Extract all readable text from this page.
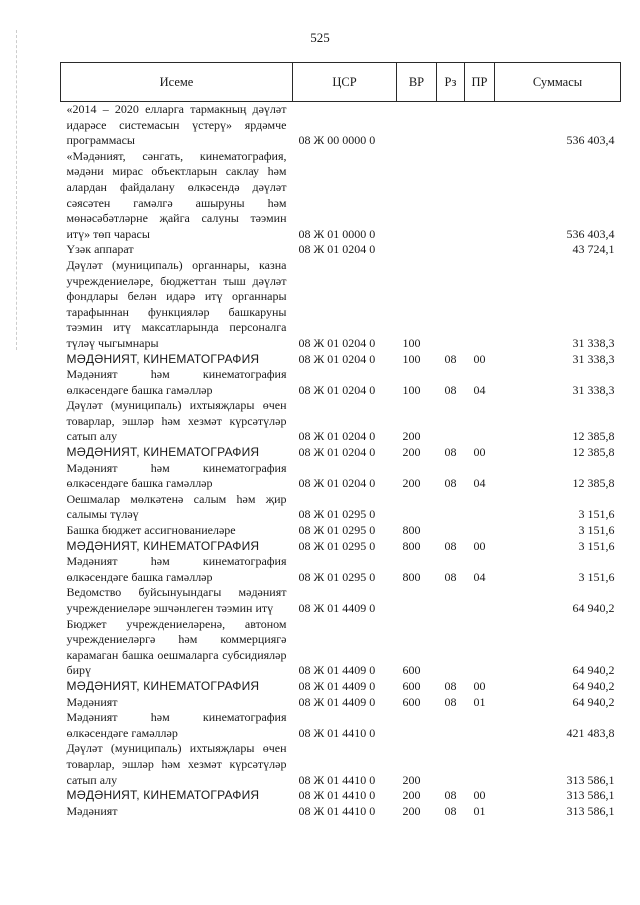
525
Исеме	ЦСР	ВР	Рз	ПР	Суммасы
«2014 – 2020 елларга тармакның дәүләт идарәсе системасын үстерү» ярдәмче программасы	08 Ж 00 0000 0				536 403,4
«Мәдәният, сәнгать, кинематография, мәдәни мирас объектларын саклау һәм алардан файдалану өлкәсендә дәүләт сәясәтен гамәлгә ашыруны һәм мөнәсәбәтләрне җайга салуны тәэмин итү» төп чарасы	08 Ж 01 0000 0				536 403,4
Үзәк аппарат	08 Ж 01 0204 0				43 724,1
Дәүләт (муниципаль) органнары, казна учреждениеләре, бюджеттан тыш дәүләт фондлары белән идарә итү органнары тарафыннан функцияләр башкаруны тәэмин итү максатларында персоналга түләү чыгымнары	08 Ж 01 0204 0	100			31 338,3
МӘДӘНИЯТ, КИНЕМАТОГРАФИЯ	08 Ж 01 0204 0	100	08	00	31 338,3
Мәдәният һәм кинематография өлкәсендәге башка гамәлләр	08 Ж 01 0204 0	100	08	04	31 338,3
Дәүләт (муниципаль) ихтыяҗлары өчен товарлар, эшләр һәм хезмәт күрсәтүләр сатып алу	08 Ж 01 0204 0	200			12 385,8
МӘДӘНИЯТ, КИНЕМАТОГРАФИЯ	08 Ж 01 0204 0	200	08	00	12 385,8
Мәдәният һәм кинематография өлкәсендәге башка гамәлләр	08 Ж 01 0204 0	200	08	04	12 385,8
Оешмалар мөлкәтенә салым һәм җир салымы түләү	08 Ж 01 0295 0				3 151,6
Башка бюджет ассигнованиеләре	08 Ж 01 0295 0	800			3 151,6
МӘДӘНИЯТ, КИНЕМАТОГРАФИЯ	08 Ж 01 0295 0	800	08	00	3 151,6
Мәдәният һәм кинематография өлкәсендәге башка гамәлләр	08 Ж 01 0295 0	800	08	04	3 151,6
Ведомство буйсынуындагы мәдәният учреждениеләре эшчәнлеген тәэмин итү	08 Ж 01 4409 0				64 940,2
Бюджет учреждениеләренә, автоном учреждениеләргә һәм коммерциягә карамаган башка оешмаларга субсидияләр бирү	08 Ж 01 4409 0	600			64 940,2
МӘДӘНИЯТ, КИНЕМАТОГРАФИЯ	08 Ж 01 4409 0	600	08	00	64 940,2
Мәдәният	08 Ж 01 4409 0	600	08	01	64 940,2
Мәдәният һәм кинематография өлкәсендәге гамәлләр	08 Ж 01 4410 0				421 483,8
Дәүләт (муниципаль) ихтыяҗлары өчен товарлар, эшләр һәм хезмәт күрсәтүләр сатып алу	08 Ж 01 4410 0	200			313 586,1
МӘДӘНИЯТ, КИНЕМАТОГРАФИЯ	08 Ж 01 4410 0	200	08	00	313 586,1
Мәдәният	08 Ж 01 4410 0	200	08	01	313 586,1
